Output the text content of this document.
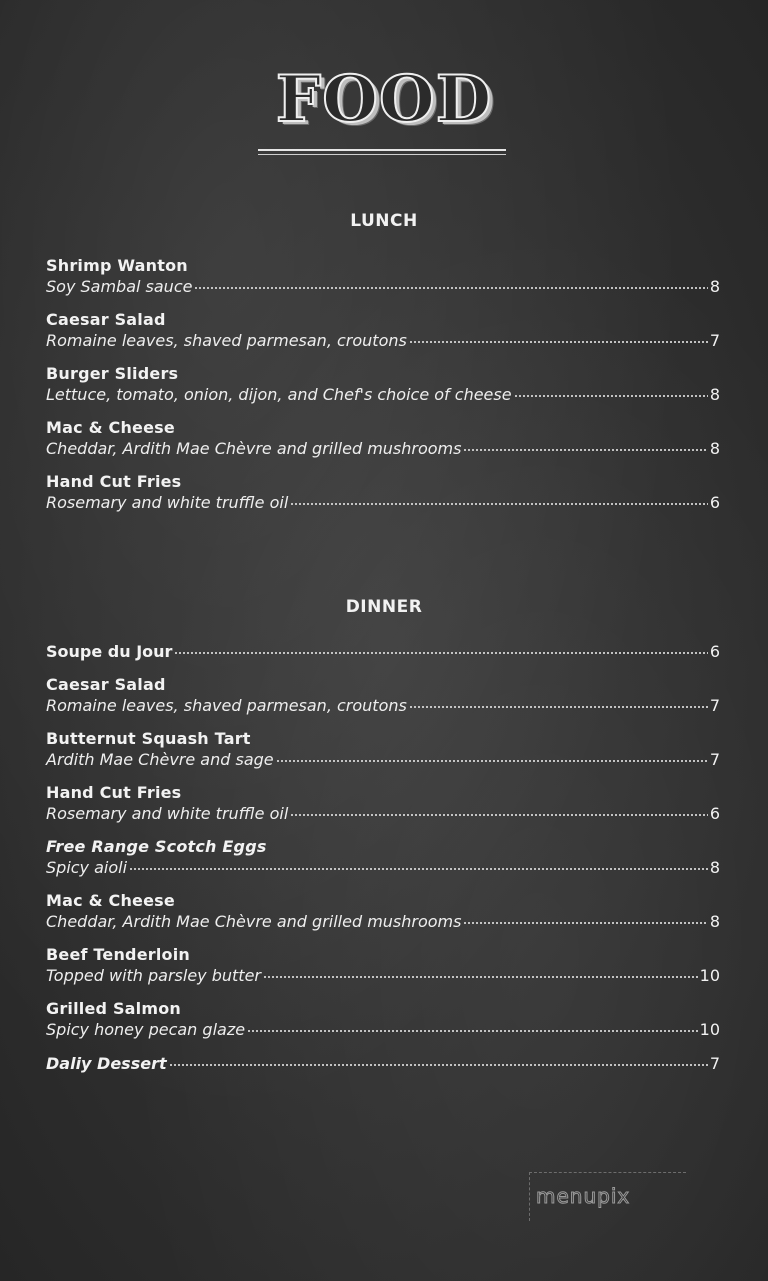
FOOD
LUNCH
Shrimp Wanton
Soy Sambal sauce	8
Caesar Salad
Romaine leaves, shaved parmesan, croutons	7
Burger Sliders
Lettuce, tomato, onion, dijon, and Chef's choice of cheese	8
Mac & Cheese
Cheddar, Ardith Mae Chèvre and grilled mushrooms	8
Hand Cut Fries
Rosemary and white truffle oil	6
DINNER
Soupe du Jour	6
Caesar Salad
Romaine leaves, shaved parmesan, croutons	7
Butternut Squash Tart
Ardith Mae Chèvre and sage	7
Hand Cut Fries
Rosemary and white truffle oil	6
Free Range Scotch Eggs
Spicy aioli	8
Mac & Cheese
Cheddar, Ardith Mae Chèvre and grilled mushrooms	8
Beef Tenderloin
Topped with parsley butter	10
Grilled Salmon
Spicy honey pecan glaze	10
Daliy Dessert	7
menupix
